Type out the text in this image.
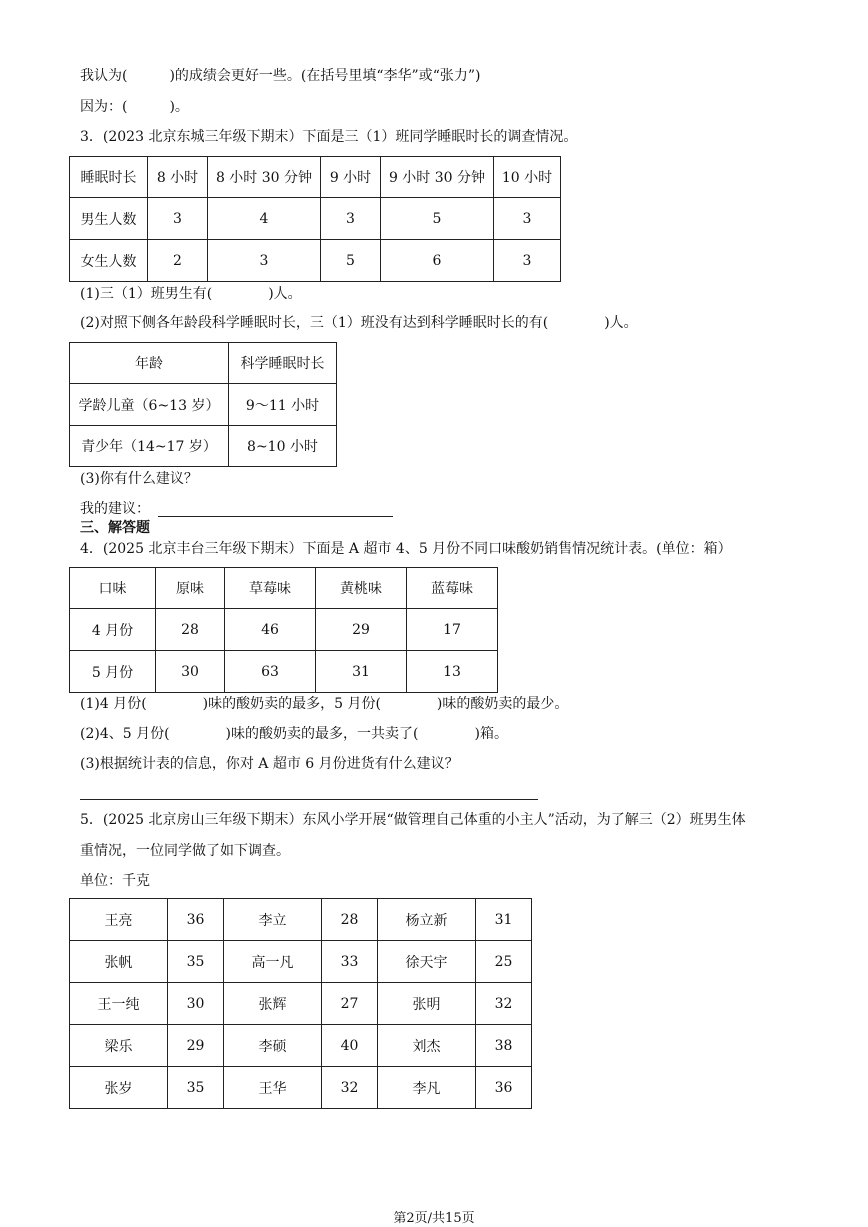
我认为(　　　)的成绩会更好一些。(在括号里填“李华”或“张力”)
因为：(　　　)。
3．(2023 北京东城三年级下期末）下面是三（1）班同学睡眠时长的调查情况。
睡眠时长	8 小时	8 小时 30 分钟	9 小时	9 小时 30 分钟	10 小时
男生人数	3	4	3	5	3
女生人数	2	3	5	6	3
(1)三（1）班男生有(　　　　)人。
(2)对照下侧各年龄段科学睡眠时长，三（1）班没有达到科学睡眠时长的有(　　　　)人。
年龄	科学睡眠时长
学龄儿童（6~13 岁）	9～11 小时
青少年（14~17 岁）	8~10 小时
(3)你有什么建议？
我的建议：
三、解答题
4．(2025 北京丰台三年级下期末）下面是 A 超市 4、5 月份不同口味酸奶销售情况统计表。(单位：箱）
口味	原味	草莓味	黄桃味	蓝莓味
4 月份	28	46	29	17
5 月份	30	63	31	13
(1)4 月份(　　　　)味的酸奶卖的最多，5 月份(　　　　)味的酸奶卖的最少。
(2)4、5 月份(　　　　)味的酸奶卖的最多，一共卖了(　　　　)箱。
(3)根据统计表的信息，你对 A 超市 6 月份进货有什么建议？
5．(2025 北京房山三年级下期末）东风小学开展“做管理自己体重的小主人”活动，为了解三（2）班男生体
重情况，一位同学做了如下调查。
单位：千克
王亮	36	李立	28	杨立新	31
张帆	35	高一凡	33	徐天宇	25
王一纯	30	张辉	27	张明	32
梁乐	29	李硕	40	刘杰	38
张岁	35	王华	32	李凡	36
第2页/共15页
